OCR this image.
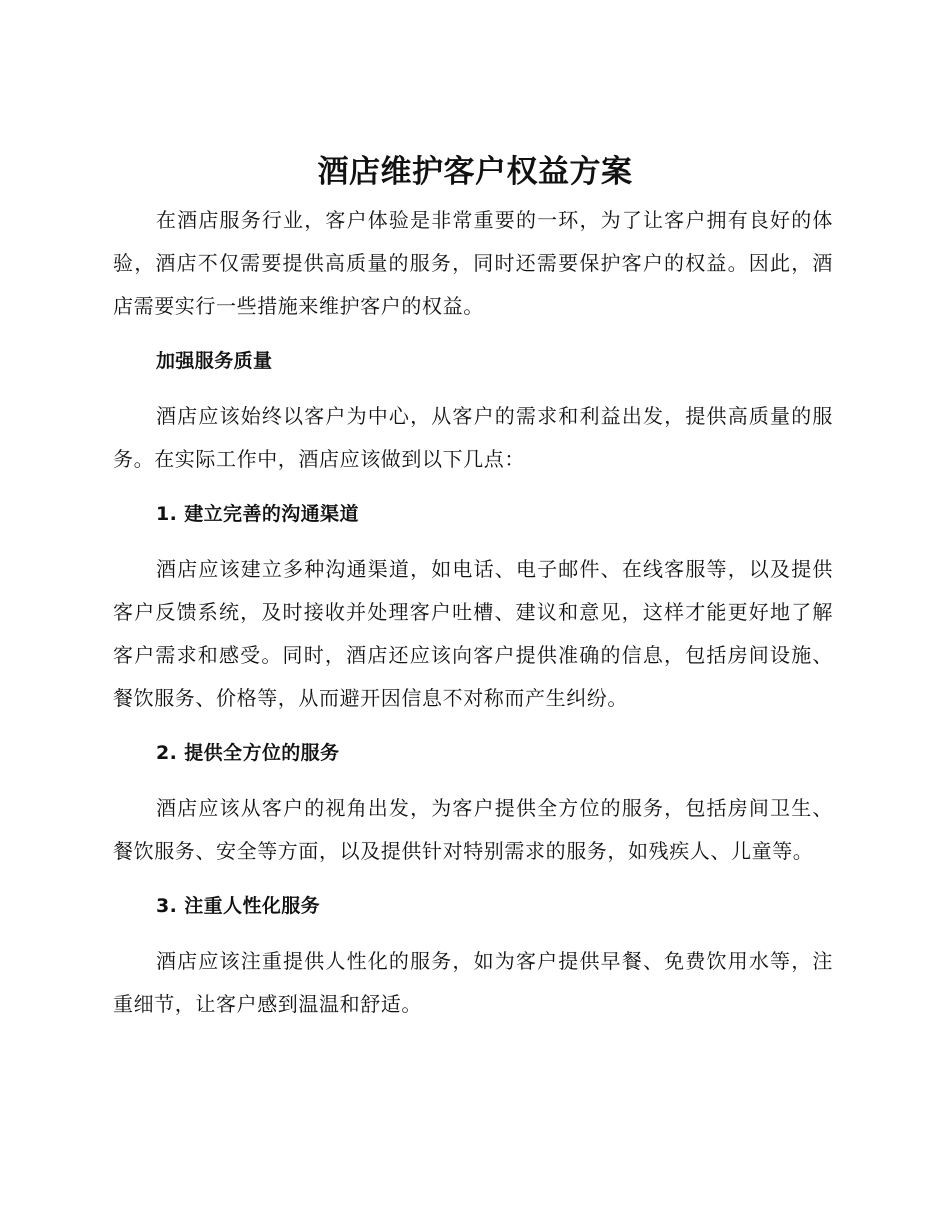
酒店维护客户权益方案

在酒店服务行业，客户体验是非常重要的一环，为了让客户拥有良好的体验，酒店不仅需要提供高质量的服务，同时还需要保护客户的权益。因此，酒店需要实行一些措施来维护客户的权益。

加强服务质量

酒店应该始终以客户为中心，从客户的需求和利益出发，提供高质量的服务。在实际工作中，酒店应该做到以下几点：

1. 建立完善的沟通渠道

酒店应该建立多种沟通渠道，如电话、电子邮件、在线客服等，以及提供客户反馈系统，及时接收并处理客户吐槽、建议和意见，这样才能更好地了解客户需求和感受。同时，酒店还应该向客户提供准确的信息，包括房间设施、餐饮服务、价格等，从而避开因信息不对称而产生纠纷。

2. 提供全方位的服务

酒店应该从客户的视角出发，为客户提供全方位的服务，包括房间卫生、餐饮服务、安全等方面，以及提供针对特别需求的服务，如残疾人、儿童等。

3. 注重人性化服务

酒店应该注重提供人性化的服务，如为客户提供早餐、免费饮用水等，注重细节，让客户感到温温和舒适。
